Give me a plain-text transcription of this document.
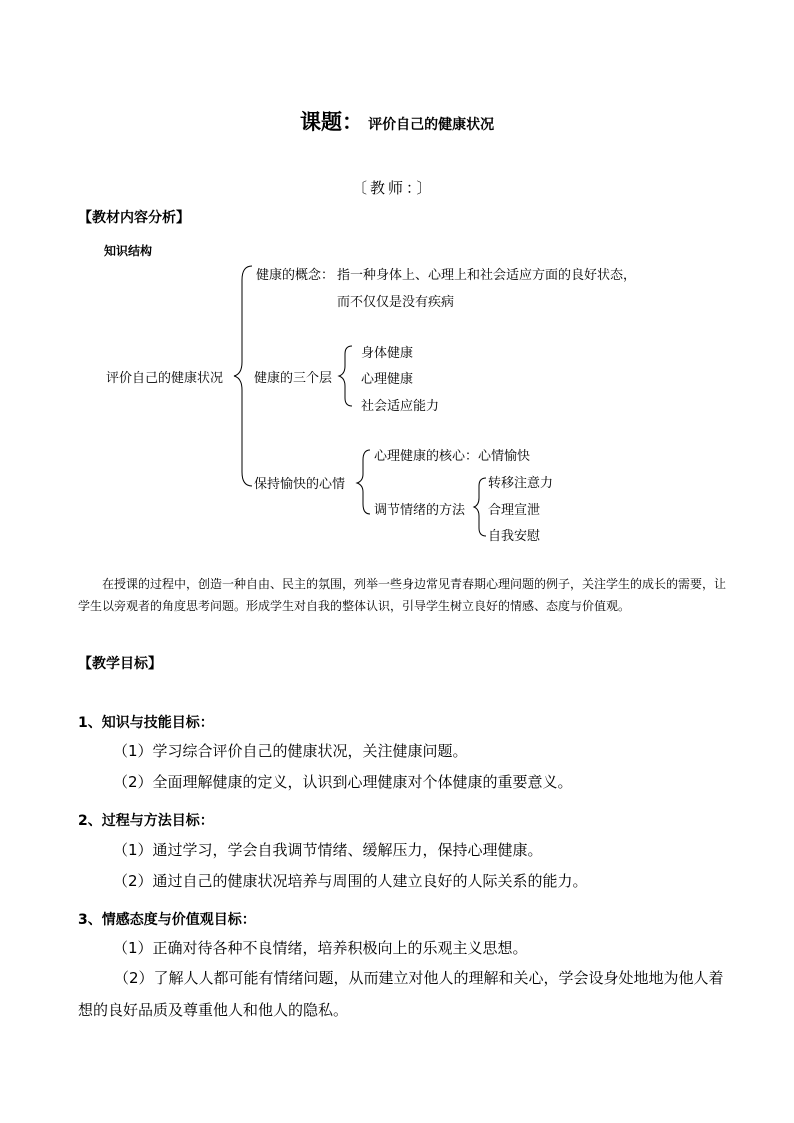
课题： 评价自己的健康状况
〔教师：〕
【教材内容分析】
知识结构
评价自己的健康状况
健康的概念： 指一种身体上、心理上和社会适应方面的良好状态，
而不仅仅是没有疾病
健康的三个层
身体健康
心理健康
社会适应能力
保持愉快的心情
心理健康的核心：心情愉快
调节情绪的方法
转移注意力
合理宣泄
自我安慰
在授课的过程中，创造一种自由、民主的氛围，列举一些身边常见青春期心理问题的例子，关注学生的成长的需要，让学生以旁观者的角度思考问题。形成学生对自我的整体认识，引导学生树立良好的情感、态度与价值观。
【教学目标】
1、知识与技能目标：
（1）学习综合评价自己的健康状况，关注健康问题。
（2）全面理解健康的定义，认识到心理健康对个体健康的重要意义。
2、过程与方法目标：
（1）通过学习，学会自我调节情绪、缓解压力，保持心理健康。
（2）通过自己的健康状况培养与周围的人建立良好的人际关系的能力。
3、情感态度与价值观目标：
（1）正确对待各种不良情绪，培养积极向上的乐观主义思想。
（2）了解人人都可能有情绪问题，从而建立对他人的理解和关心，学会设身处地地为他人着想的良好品质及尊重他人和他人的隐私。
